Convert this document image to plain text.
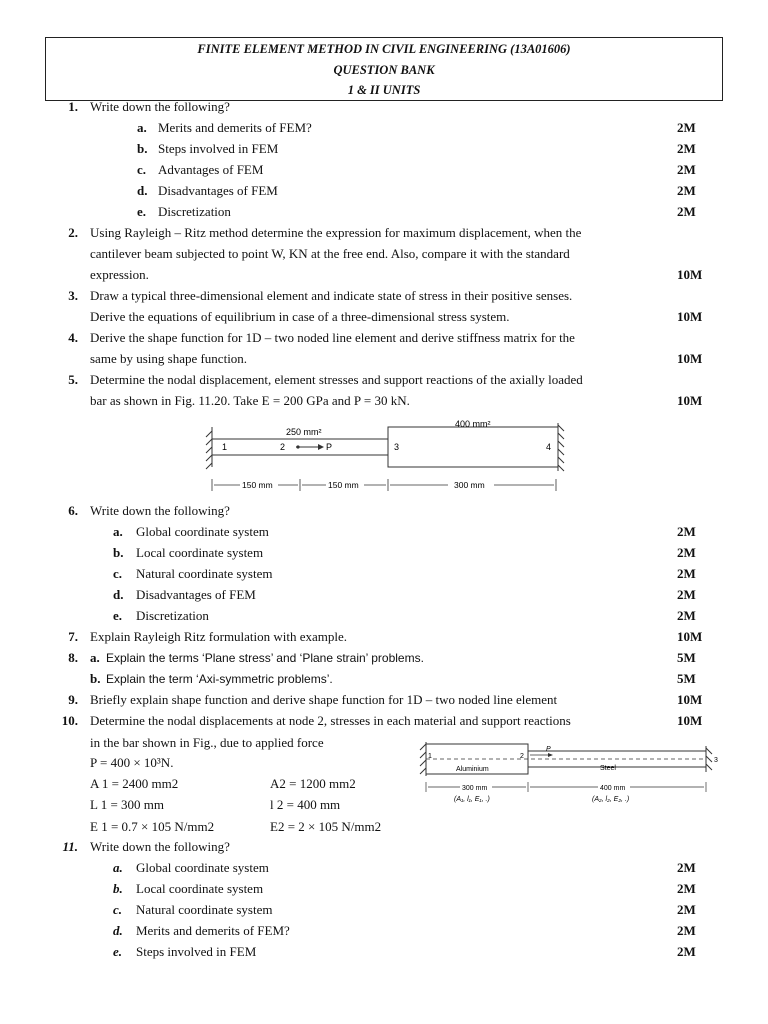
FINITE ELEMENT METHOD IN CIVIL ENGINEERING (13A01606)
QUESTION BANK
1 & II UNITS
1. Write down the following?
a. Merits and demerits of FEM?	2M
b. Steps involved in FEM	2M
c. Advantages of FEM	2M
d. Disadvantages of FEM	2M
e. Discretization	2M
2. Using Rayleigh – Ritz method determine the expression for maximum displacement, when the
cantilever beam subjected to point W, KN at the free end. Also, compare it with the standard
expression.	10M
3. Draw a typical three-dimensional element and indicate state of stress in their positive senses.
Derive the equations of equilibrium in case of a three-dimensional stress system.	10M
4. Derive the shape function for 1D – two noded line element and derive stiffness matrix for the
same by using shape function.	10M
5. Determine the nodal displacement, element stresses and support reactions of the axially loaded
bar as shown in Fig. 11.20. Take E = 200 GPa and P = 30 kN.	10M
250 mm²
400 mm²
1	2	P	3	4
150 mm	150 mm	300 mm
6. Write down the following?
a. Global coordinate system	2M
b. Local coordinate system	2M
c. Natural coordinate system	2M
d. Disadvantages of FEM	2M
e. Discretization	2M
7. Explain Rayleigh Ritz formulation with example.	10M
8. a. Explain the terms ‘Plane stress’ and ‘Plane strain’ problems.	5M
b. Explain the term ‘Axi-symmetric problems’.	5M
9. Briefly explain shape function and derive shape function for 1D – two noded line element	10M
10. Determine the nodal displacements at node 2, stresses in each material and support reactions	10M
in the bar shown in Fig., due to applied force
P = 400 × 10³N.
A 1 = 2400 mm2	A2 = 1200 mm2
L 1 = 300 mm	l 2 = 400 mm
E 1 = 0.7 × 105 N/mm2	E2 = 2 × 105 N/mm2
1	2
P
3
Aluminium	Steel
300 mm	400 mm
(A₁, l₁, E₁, .)	(A₂, l₂, E₂, .)
11. Write down the following?
a. Global coordinate system	2M
b. Local coordinate system	2M
c. Natural coordinate system	2M
d. Merits and demerits of FEM?	2M
e. Steps involved in FEM	2M
